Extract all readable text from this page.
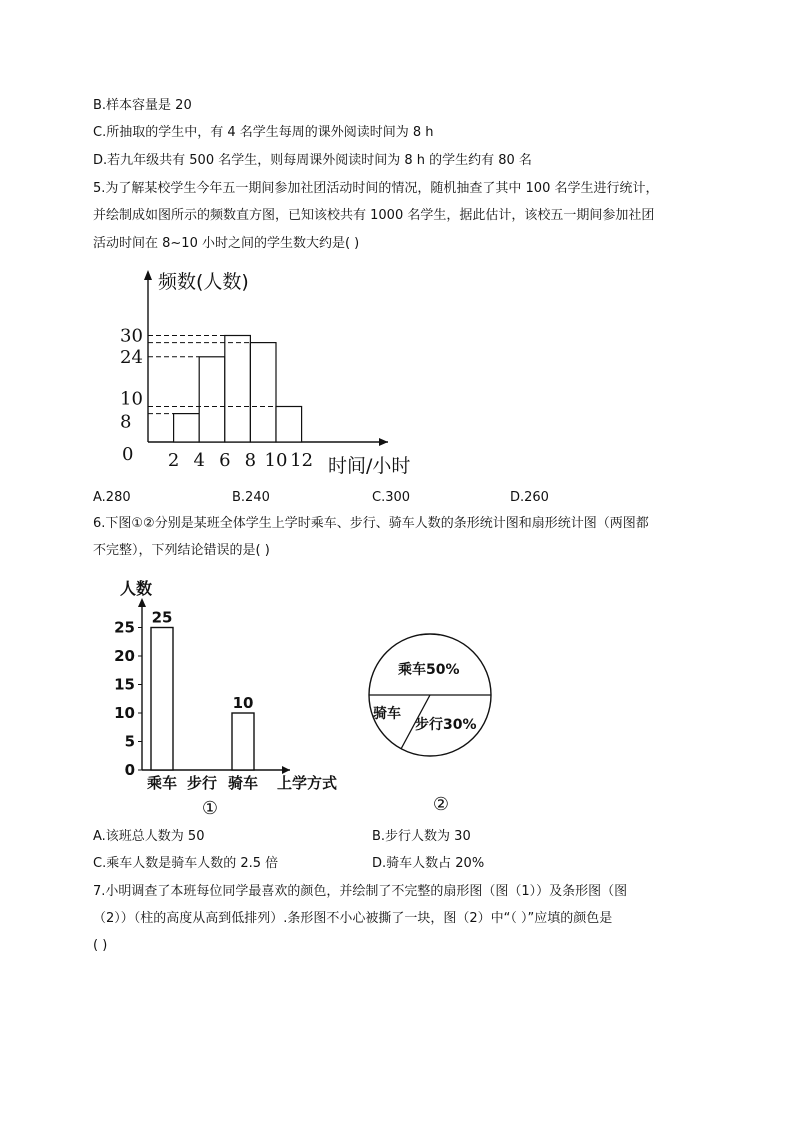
B.样本容量是 20
C.所抽取的学生中，有 4 名学生每周的课外阅读时间为 8 h
D.若九年级共有 500 名学生，则每周课外阅读时间为 8 h 的学生约有 80 名
5.为了解某校学生今年五一期间参加社团活动时间的情况，随机抽查了其中 100 名学生进行统计，
并绘制成如图所示的频数直方图，已知该校共有 1000 名学生，据此估计，该校五一期间参加社团
活动时间在 8~10 小时之间的学生数大约是( )
频数(人数)
时间/小时
0
8
10
24
30
2 4 6 8 10 12
A.280	B.240	C.300	D.260
6.下图①②分别是某班全体学生上学时乘车、步行、骑车人数的条形统计图和扇形统计图（两图都
不完整），下列结论错误的是( )
人数
上学方式
0
5
10
15
20
25
乘车
25
步行 骑车
10
①
乘车50%
骑车
步行30%
②
A.该班总人数为 50	B.步行人数为 30
C.乘车人数是骑车人数的 2.5 倍	D.骑车人数占 20%
7.小明调查了本班每位同学最喜欢的颜色，并绘制了不完整的扇形图（图（1））及条形图（图
（2））（柱的高度从高到低排列）.条形图不小心被撕了一块，图（2）中“（ ）”应填的颜色是
( )
